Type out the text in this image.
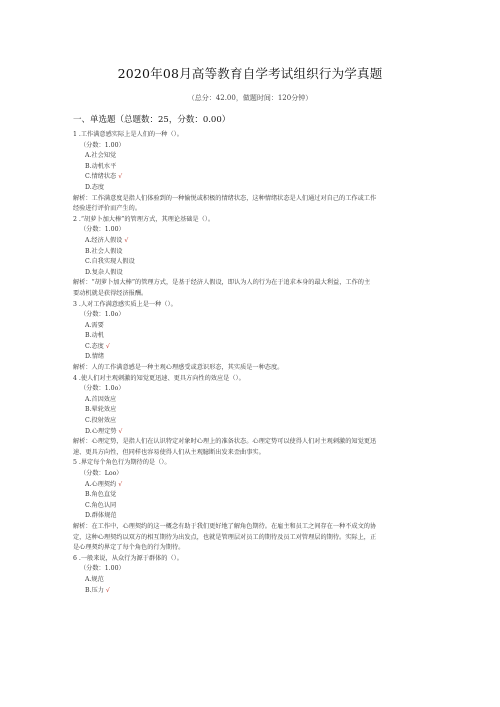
2020年08月高等教育自学考试组织行为学真题
（总分：42.00，做题时间：120分钟）
一、单选题（总题数：25，分数：0.00）
1 .工作满意感实际上是人们的一种（）。
（分数：1.00）
A.社会知觉
B.动机水平
C.情绪状态 √
D.态度
解析：工作满意度是指人们体验到的一种愉悦或积极的情绪状态，这种情绪状态是人们通过对自己的工作或工作
经验进行评价而产生的。
2 .“胡萝卜加大棒”的管理方式，其理论基础是（）。
（分数：1.00）
A.经济人假设 √
B.社会人假设
C.自我实现人假设
D.复杂人假设
解析：“胡萝卜加大棒”的管理方式，是基于经济人假设，即认为人的行为在于追求本身的最大利益，工作的主
要动机就是获得经济报酬。
3 .人对工作满意感实质上是一种（）。
（分数：1.0o）
A.需要
B.动机
C.态度 √
D.情绪
解析：人的工作满意感是一种主观心理感受或意识形态，其实质是一种态度。
4 .使人们对主观刺激的知觉更迅速、更具方向性的效应是（）。
（分数：1.0o）
A.首因效应
B.晕轮效应
C.投射效应
D.心理定势 √
解析：心理定势，是指人们在认识特定对象时心理上的准备状态。心理定势可以使得人们对主观刺激的知觉更迅
速、更具方向性，但同样也容易使得人们从主观臆断出发来歪曲事实。
5 .界定每个角色行为期待的是（）。
（分数：Loo）
A.心理契约 √
B.角色直觉
C.角色认同
D.群体规范
解析：在工作中，心理契约的这一概念有助于我们更好地了解角色期待。在雇主和员工之间存在一种不成文的协
定，这种心理契约以双方的相互期待为出发点，也就是管理层对员工的期待及员工对管理层的期待。实际上，正
是心理契约界定了每个角色的行为期待。
6 .一般来说，从众行为源于群体的（）。
（分数：1.00）
A.规范
B.压力 √
